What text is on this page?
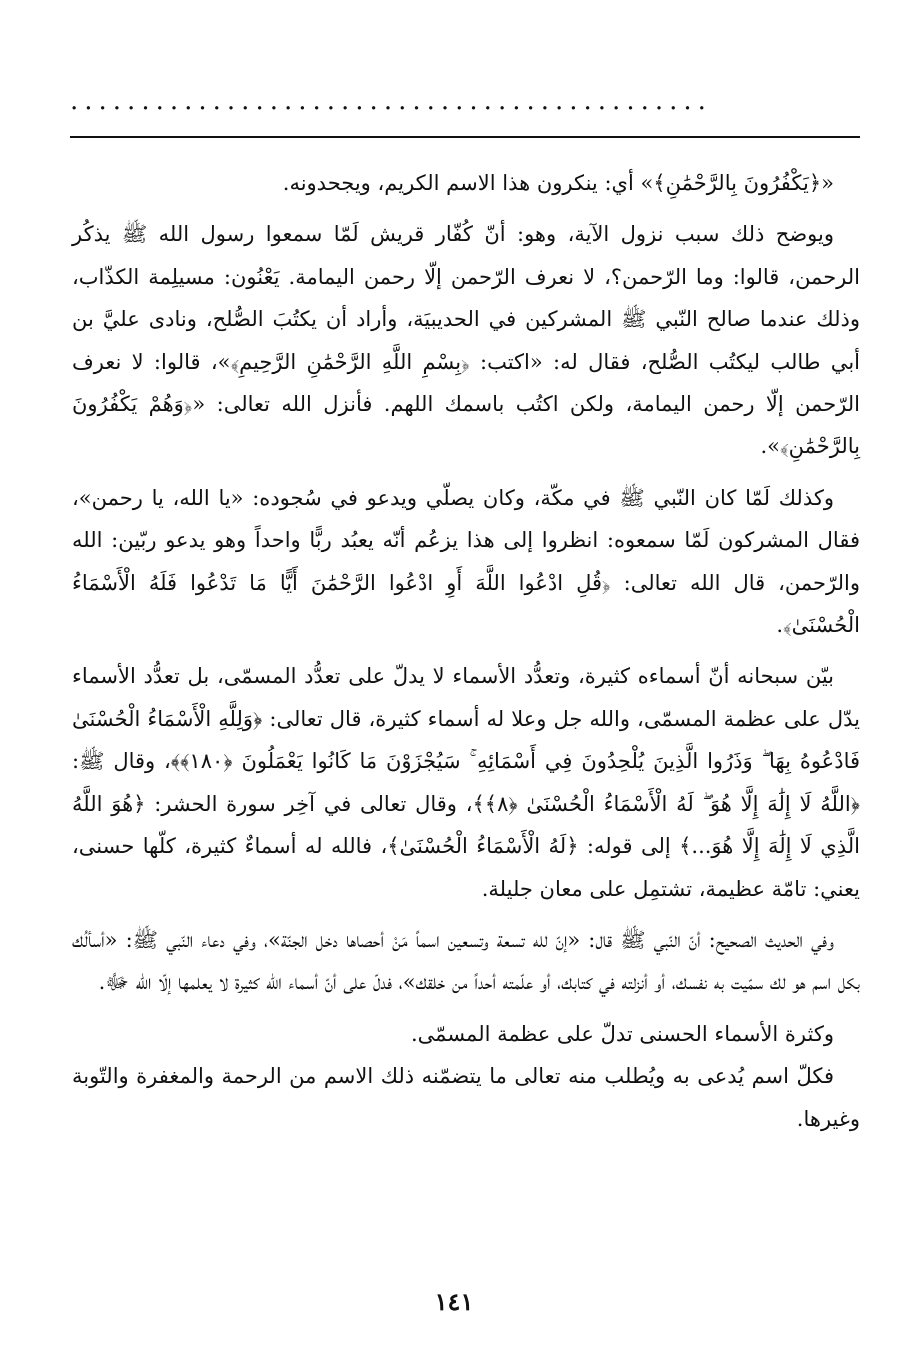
.............................................

«﴿يَكْفُرُونَ بِالرَّحْمَٰنِ﴾» أي: ينكرون هذا الاسم الكريم، ويجحدونه.

ويوضح ذلك سبب نزول الآية، وهو: أنّ كُفّار قريش لَمّا سمعوا رسول الله ﷺ يذكُر الرحمن، قالوا: وما الرّحمن؟، لا نعرف الرّحمن إلّا رحمن اليمامة. يَعْنُون: مسيلِمة الكذّاب، وذلك عندما صالح النّبي ﷺ المشركين في الحديبيَة، وأراد أن يكتُبَ الصُّلح، ونادى عليَّ بن أبي طالب ليكتُب الصُّلح، فقال له: «اكتب: ﴿بِسْمِ اللَّهِ الرَّحْمَٰنِ الرَّحِيمِ﴾»، قالوا: لا نعرف الرّحمن إلّا رحمن اليمامة، ولكن اكتُب باسمك اللهم. فأنزل الله تعالى: «﴿وَهُمْ يَكْفُرُونَ بِالرَّحْمَٰنِ﴾».

وكذلك لَمّا كان النّبي ﷺ في مكّة، وكان يصلّي ويدعو في سُجوده: «يا الله، يا رحمن»، فقال المشركون لَمّا سمعوه: انظروا إلى هذا يزعُم أنّه يعبُد ربًّا واحداً وهو يدعو ربّين: الله والرّحمن، قال الله تعالى: ﴿قُلِ ادْعُوا اللَّهَ أَوِ ادْعُوا الرَّحْمَٰنَ أَيًّا مَا تَدْعُوا فَلَهُ الْأَسْمَاءُ الْحُسْنَىٰ﴾.

بيّن سبحانه أنّ أسماءه كثيرة، وتعدُّد الأسماء لا يدلّ على تعدُّد المسمّى، بل تعدُّد الأسماء يدّل على عظمة المسمّى، والله جل وعلا له أسماء كثيرة، قال تعالى: ﴿وَلِلَّهِ الْأَسْمَاءُ الْحُسْنَىٰ فَادْعُوهُ بِهَا ۖ وَذَرُوا الَّذِينَ يُلْحِدُونَ فِي أَسْمَائِهِ ۚ سَيُجْزَوْنَ مَا كَانُوا يَعْمَلُونَ ﴿١٨٠﴾﴾، وقال ﷺ: ﴿اللَّهُ لَا إِلَٰهَ إِلَّا هُوَ ۖ لَهُ الْأَسْمَاءُ الْحُسْنَىٰ ﴿٨﴾﴾، وقال تعالى في آخِر سورة الحشر: ﴿هُوَ اللَّهُ الَّذِي لَا إِلَٰهَ إِلَّا هُوَ...﴾ إلى قوله: ﴿لَهُ الْأَسْمَاءُ الْحُسْنَىٰ﴾، فالله له أسماءٌ كثيرة، كلّها حسنى، يعني: تامّة عظيمة، تشتمِل على معان جليلة.

وفي الحديث الصحيح: أنّ النّبي ﷺ قال: «إنّ لله تسعة وتسعين اسماً مَنْ أحصاها دخل الجنّة»، وفي دعاء النّبي ﷺ: «أسألُك بكل اسم هو لك سمّيت به نفسك، أو أنزلته في كتابك، أو علّمته أحداً من خلقك»، فدلّ على أنّ أسماء الله كثيرة لا يعلمها إلّا الله ﷻ.

وكثرة الأسماء الحسنى تدلّ على عظمة المسمّى.

فكلّ اسم يُدعى به ويُطلب منه تعالى ما يتضمّنه ذلك الاسم من الرحمة والمغفرة والتّوبة وغيرها.

١٤١
